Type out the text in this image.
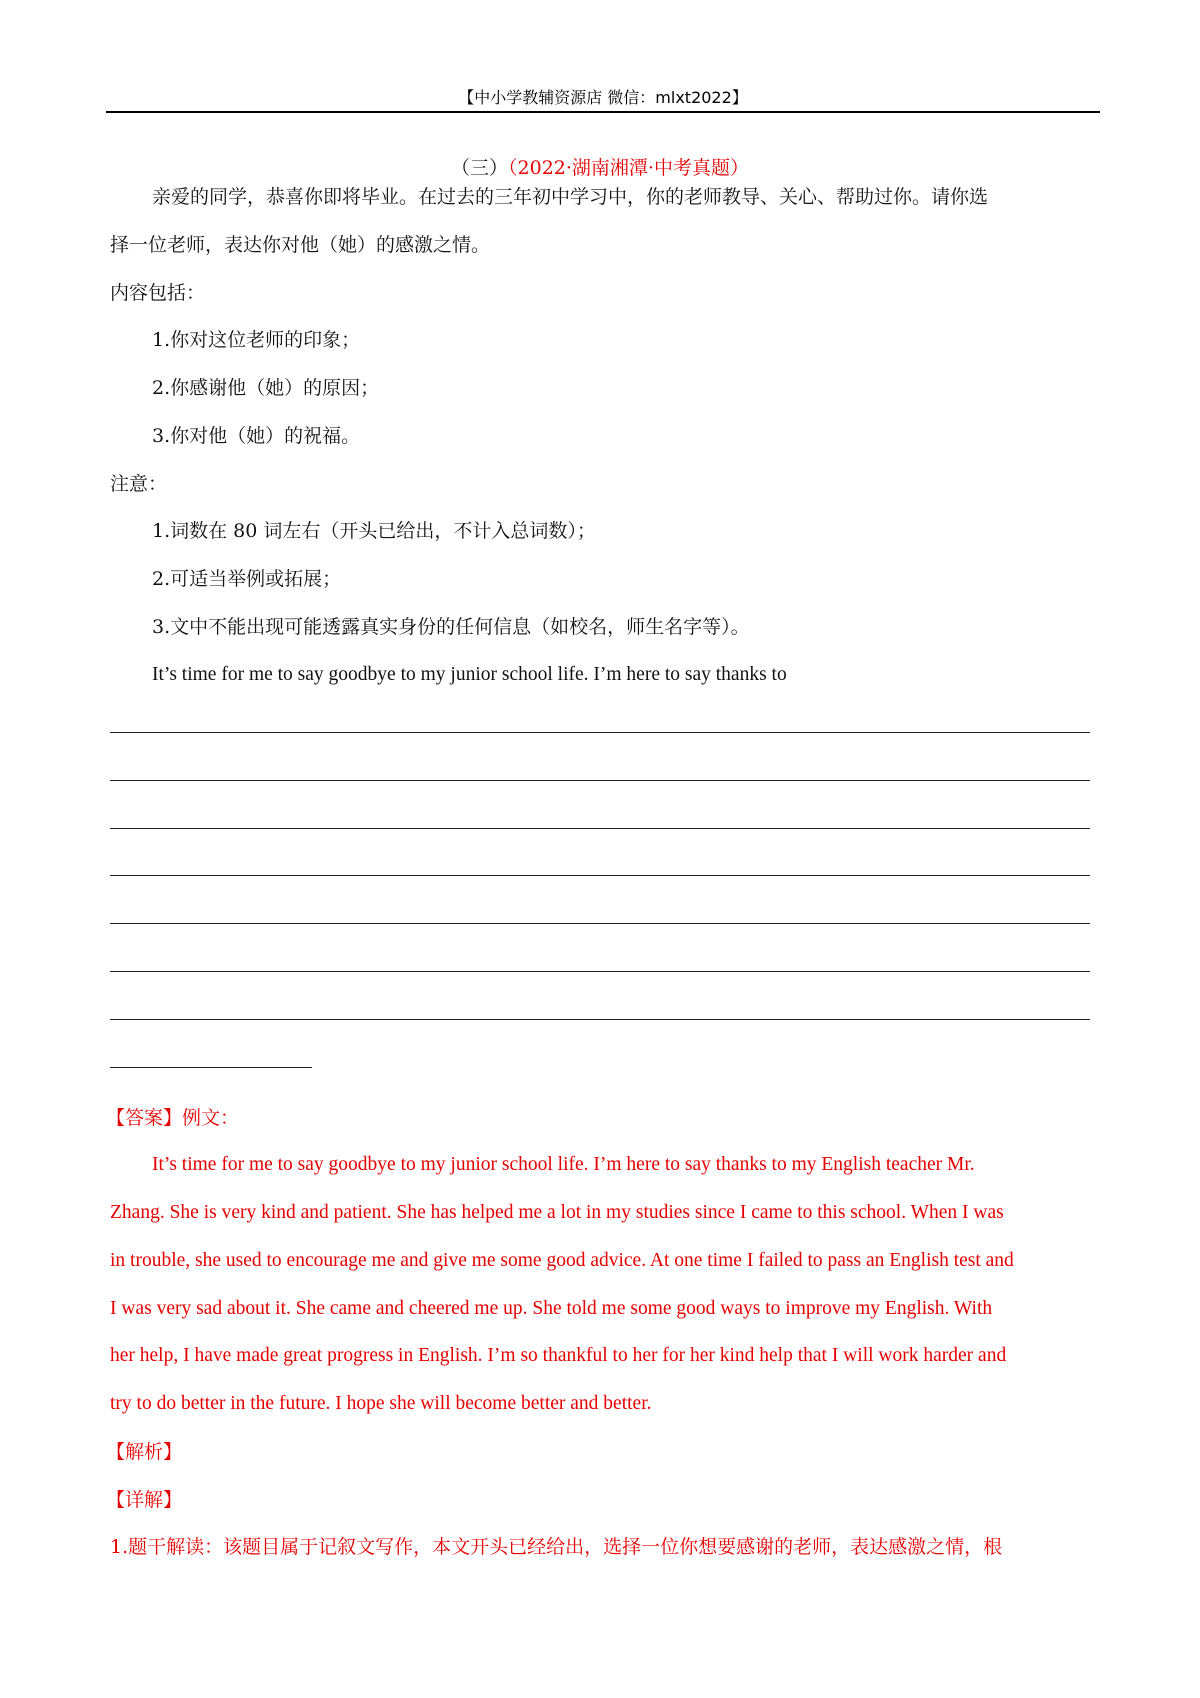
【中小学教辅资源店 微信：mlxt2022】
（三）（2022·湖南湘潭·中考真题）
亲爱的同学，恭喜你即将毕业。在过去的三年初中学习中，你的老师教导、关心、帮助过你。请你选
择一位老师，表达你对他（她）的感激之情。
内容包括：
1.你对这位老师的印象；
2.你感谢他（她）的原因；
3.你对他（她）的祝福。
注意：
1.词数在 80 词左右（开头已给出，不计入总词数）；
2.可适当举例或拓展；
3.文中不能出现可能透露真实身份的任何信息（如校名，师生名字等）。
It’s time for me to say goodbye to my junior school life. I’m here to say thanks to
【答案】例文：
It’s time for me to say goodbye to my junior school life. I’m here to say thanks to my English teacher Mr.
Zhang. She is very kind and patient. She has helped me a lot in my studies since I came to this school. When I was
in trouble, she used to encourage me and give me some good advice. At one time I failed to pass an English test and
I was very sad about it. She came and cheered me up. She told me some good ways to improve my English. With
her help, I have made great progress in English. I’m so thankful to her for her kind help that I will work harder and
try to do better in the future. I hope she will become better and better.
【解析】
【详解】
1.题干解读：该题目属于记叙文写作，本文开头已经给出，选择一位你想要感谢的老师，表达感激之情，根
